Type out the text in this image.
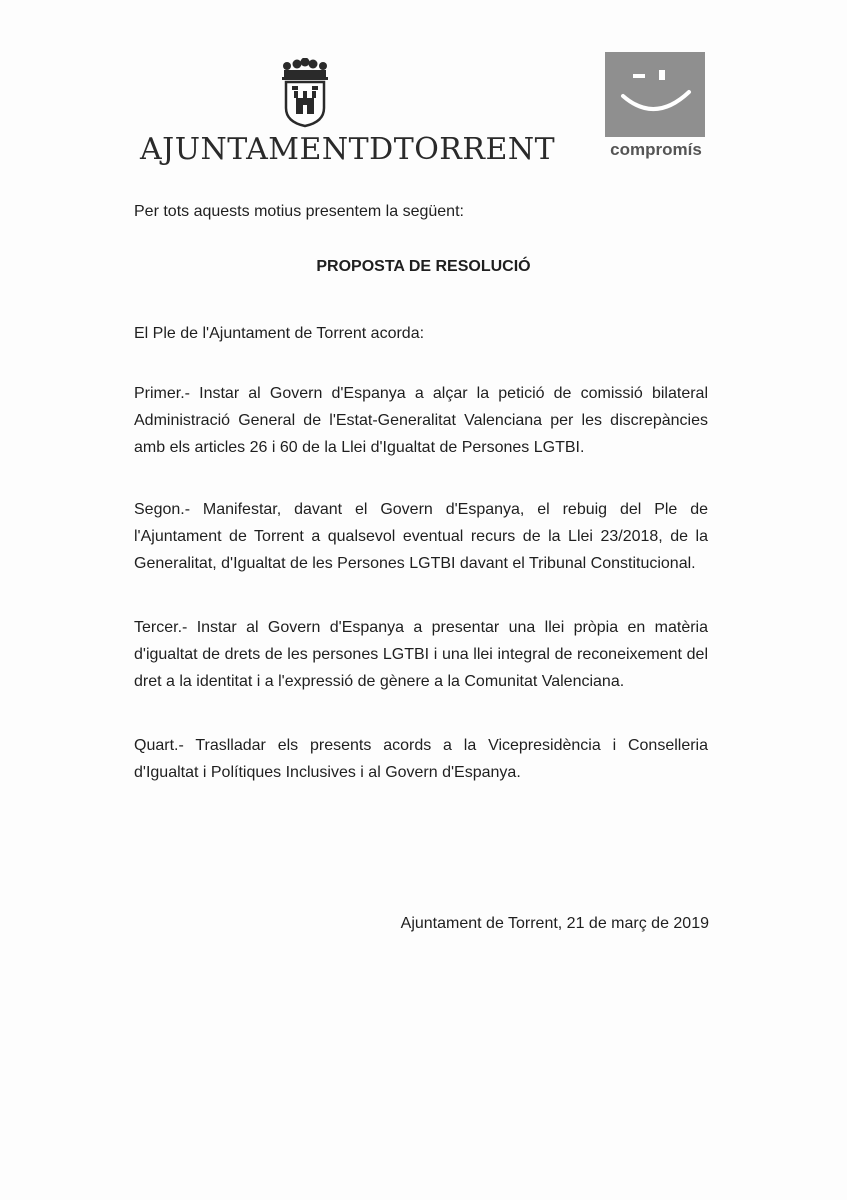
AJUNTAMENTDTORRENT	compromís
Per tots aquests motius presentem la següent:
PROPOSTA DE RESOLUCIÓ
El Ple de l'Ajuntament de Torrent acorda:
Primer.- Instar al Govern d'Espanya a alçar la petició de comissió bilateral Administració General de l'Estat-Generalitat Valenciana per les discrepàncies amb els articles 26 i 60 de la Llei d'Igualtat de Persones LGTBI.
Segon.- Manifestar, davant el Govern d'Espanya, el rebuig del Ple de l'Ajuntament de Torrent a qualsevol eventual recurs de la Llei 23/2018, de la Generalitat, d'Igualtat de les Persones LGTBI davant el Tribunal Constitucional.
Tercer.- Instar al Govern d'Espanya a presentar una llei pròpia en matèria d'igualtat de drets de les persones LGTBI i una llei integral de reconeixement del dret a la identitat i a l'expressió de gènere a la Comunitat Valenciana.
Quart.- Traslladar els presents acords a la Vicepresidència i Conselleria d'Igualtat i Polítiques Inclusives i al Govern d'Espanya.
Ajuntament de Torrent, 21 de març de 2019
